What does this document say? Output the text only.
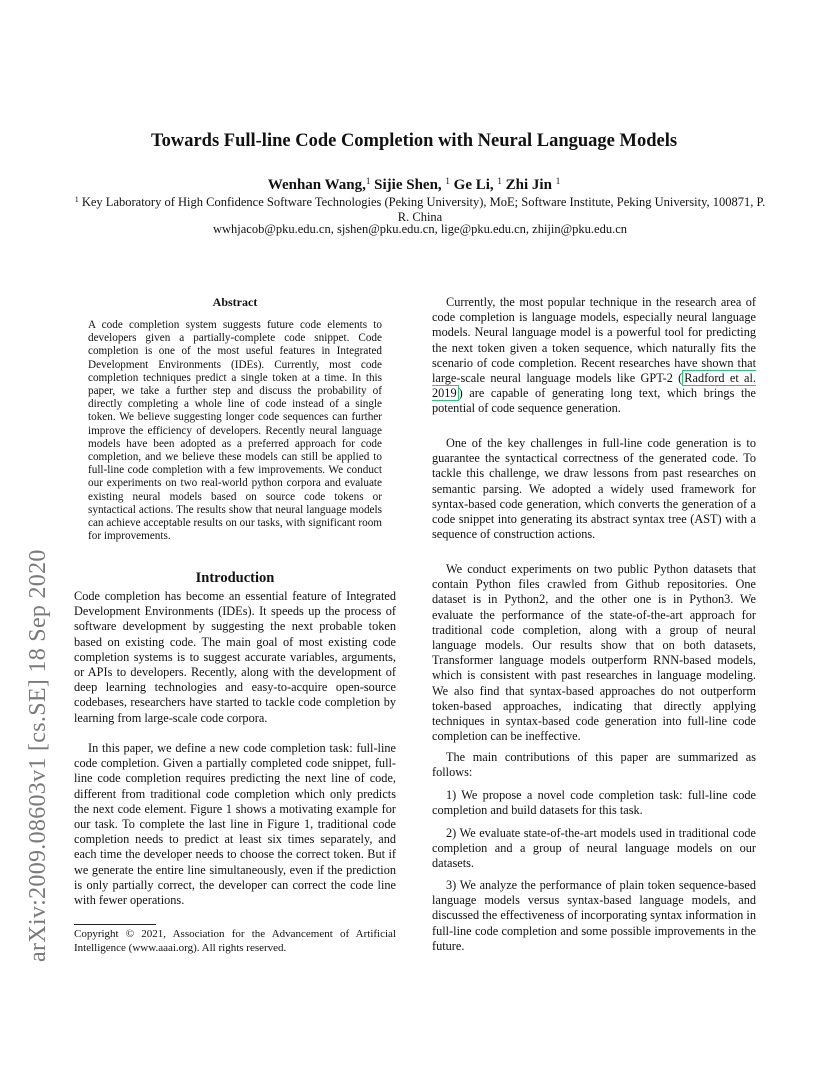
arXiv:2009.08603v1 [cs.SE] 18 Sep 2020
Towards Full-line Code Completion with Neural Language Models
Wenhan Wang,$^1$ Sijie Shen, $^1$ Ge Li, $^1$ Zhi Jin $^1$
$^1$ Key Laboratory of High Confidence Software Technologies (Peking University), MoE; Software Institute, Peking University, 100871, P. R. China
wwhjacob@pku.edu.cn, sjshen@pku.edu.cn, lige@pku.edu.cn, zhijin@pku.edu.cn
Abstract
A code completion system suggests future code elements to developers given a partially-complete code snippet. Code completion is one of the most useful features in Integrated Development Environments (IDEs). Currently, most code completion techniques predict a single token at a time. In this paper, we take a further step and discuss the probability of directly completing a whole line of code instead of a single token. We believe suggesting longer code sequences can further improve the efficiency of developers. Recently neural language models have been adopted as a preferred approach for code completion, and we believe these models can still be applied to full-line code completion with a few improvements. We conduct our experiments on two real-world python corpora and evaluate existing neural models based on source code tokens or syntactical actions. The results show that neural language models can achieve acceptable results on our tasks, with significant room for improvements.
Introduction
Code completion has become an essential feature of Integrated Development Environments (IDEs). It speeds up the process of software development by suggesting the next probable token based on existing code. The main goal of most existing code completion systems is to suggest accurate variables, arguments, or APIs to developers. Recently, along with the development of deep learning technologies and easy-to-acquire open-source codebases, researchers have started to tackle code completion by learning from large-scale code corpora.
In this paper, we define a new code completion task: full-line code completion. Given a partially completed code snippet, full-line code completion requires predicting the next line of code, different from traditional code completion which only predicts the next code element. Figure 1 shows a motivating example for our task. To complete the last line in Figure 1, traditional code completion needs to predict at least six times separately, and each time the developer needs to choose the correct token. But if we generate the entire line simultaneously, even if the prediction is only partially correct, the developer can correct the code line with fewer operations.
Copyright © 2021, Association for the Advancement of Artificial Intelligence (www.aaai.org). All rights reserved.
Currently, the most popular technique in the research area of code completion is language models, especially neural language models. Neural language model is a powerful tool for predicting the next token given a token sequence, which naturally fits the scenario of code completion. Recent researches have shown that large-scale neural language models like GPT-2 ( Radford et al. 2019 ) are capable of generating long text, which brings the potential of code sequence generation.
One of the key challenges in full-line code generation is to guarantee the syntactical correctness of the generated code. To tackle this challenge, we draw lessons from past researches on semantic parsing. We adopted a widely used framework for syntax-based code generation, which converts the generation of a code snippet into generating its abstract syntax tree (AST) with a sequence of construction actions.
We conduct experiments on two public Python datasets that contain Python files crawled from Github repositories. One dataset is in Python2, and the other one is in Python3. We evaluate the performance of the state-of-the-art approach for traditional code completion, along with a group of neural language models. Our results show that on both datasets, Transformer language models outperform RNN-based models, which is consistent with past researches in language modeling. We also find that syntax-based approaches do not outperform token-based approaches, indicating that directly applying techniques in syntax-based code generation into full-line code completion can be ineffective.
The main contributions of this paper are summarized as follows:
1) We propose a novel code completion task: full-line code completion and build datasets for this task.
2) We evaluate state-of-the-art models used in traditional code completion and a group of neural language models on our datasets.
3) We analyze the performance of plain token sequence-based language models versus syntax-based language models, and discussed the effectiveness of incorporating syntax information in full-line code completion and some possible improvements in the future.
